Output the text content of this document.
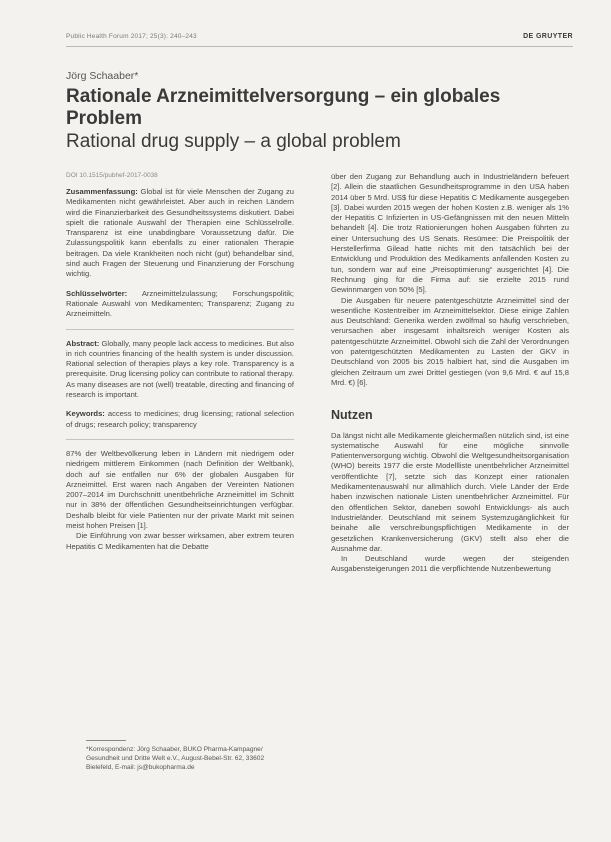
Public Health Forum 2017; 25(3): 240–243	DE GRUYTER
Jörg Schaaber*
Rationale Arzneimittelversorgung – ein globales Problem
Rational drug supply – a global problem
DOI 10.1515/pubhef-2017-0038

Zusammenfassung: Global ist für viele Menschen der Zugang zu Medikamenten nicht gewährleistet. Aber auch in reichen Ländern wird die Finanzierbarkeit des Gesundheitssystems diskutiert. Dabei spielt die rationale Auswahl der Therapien eine Schlüsselrolle. Transparenz ist eine unabdingbare Voraussetzung dafür. Die Zulassungspolitik kann ebenfalls zu einer rationalen Therapie beitragen. Da viele Krankheiten noch nicht (gut) behandelbar sind, sind auch Fragen der Steuerung und Finanzierung der Forschung wichtig.

Schlüsselwörter: Arzneimittelzulassung; Forschungspolitik; Rationale Auswahl von Medikamenten; Transparenz; Zugang zu Arzneimitteln.

Abstract: Globally, many people lack access to medicines. But also in rich countries financing of the health system is under discussion. Rational selection of therapies plays a key role. Transparency is a prerequisite. Drug licensing policy can contribute to rational therapy. As many diseases are not (well) treatable, directing and financing of research is important.

Keywords: access to medicines; drug licensing; rational selection of drugs; research policy; transparency

87% der Weltbevölkerung leben in Ländern mit niedrigem oder niedrigem mittlerem Einkommen (nach Definition der Weltbank), doch auf sie entfallen nur 6% der globalen Ausgaben für Arzneimittel. Erst waren nach Angaben der Vereinten Nationen 2007–2014 im Durchschnitt unentbehrliche Arzneimittel im Schnitt nur in 38% der öffentlichen Gesundheitseinrichtungen verfügbar. Deshalb bleibt für viele Patienten nur der private Markt mit seinen meist hohen Preisen [1].

Die Einführung von zwar besser wirksamen, aber extrem teuren Hepatitis C Medikamenten hat die Debatte

*Korrespondenz: Jörg Schaaber, BUKO Pharma-Kampagne/ Gesundheit und Dritte Welt e.V., August-Bebel-Str. 62, 33602 Bielefeld, E-mail: js@bukopharma.de

über den Zugang zur Behandlung auch in Industrieländern befeuert [2]. Allein die staatlichen Gesundheitsprogramme in den USA haben 2014 über 5 Mrd. US$ für diese Hepatitis C Medikamente ausgegeben [3]. Dabei wurden 2015 wegen der hohen Kosten z.B. weniger als 1% der Hepatitis C Infizierten in US-Gefängnissen mit den neuen Mitteln behandelt [4]. Die trotz Rationierungen hohen Ausgaben führten zu einer Untersuchung des US Senats. Resümee: Die Preispolitik der Herstellerfirma Gilead hatte nichts mit den tatsächlich bei der Entwicklung und Produktion des Medikaments anfallenden Kosten zu tun, sondern war auf eine „Preisoptimierung“ ausgerichtet [4]. Die Rechnung ging für die Firma auf: sie erzielte 2015 rund Gewinnmargen von 50% [5].

Die Ausgaben für neuere patentgeschützte Arzneimittel sind der wesentliche Kostentreiber im Arzneimittelsektor. Diese einige Zahlen aus Deutschland: Generika werden zwölfmal so häufig verschrieben, verursachen aber insgesamt inhaltsreich weniger Kosten als patentgeschützte Arzneimittel. Obwohl sich die Zahl der Verordnungen von patentgeschützten Medikamenten zu Lasten der GKV in Deutschland von 2005 bis 2015 halbiert hat, sind die Ausgaben im gleichen Zeitraum um zwei Drittel gestiegen (von 9,6 Mrd. € auf 15,8 Mrd. €) [6].

Nutzen

Da längst nicht alle Medikamente gleichermaßen nützlich sind, ist eine systematische Auswahl für eine mögliche sinnvolle Patientenversorgung wichtig. Obwohl die Weltgesundheitsorganisation (WHO) bereits 1977 die erste Modellliste unentbehrlicher Arzneimittel veröffentlichte [7], setzte sich das Konzept einer rationalen Medikamentenauswahl nur allmählich durch. Viele Länder der Erde haben inzwischen nationale Listen unentbehrlicher Arzneimittel. Für den öffentlichen Sektor, daneben sowohl Entwicklungs- als auch Industrieländer. Deutschland mit seinem Systemzugänglichkeit für beinahe alle verschreibungspflichtigen Medikamente in der gesetzlichen Krankenversicherung (GKV) stellt also eher die Ausnahme dar.

In Deutschland wurde wegen der steigenden Ausgabensteigerungen 2011 die verpflichtende Nutzenbewertung
